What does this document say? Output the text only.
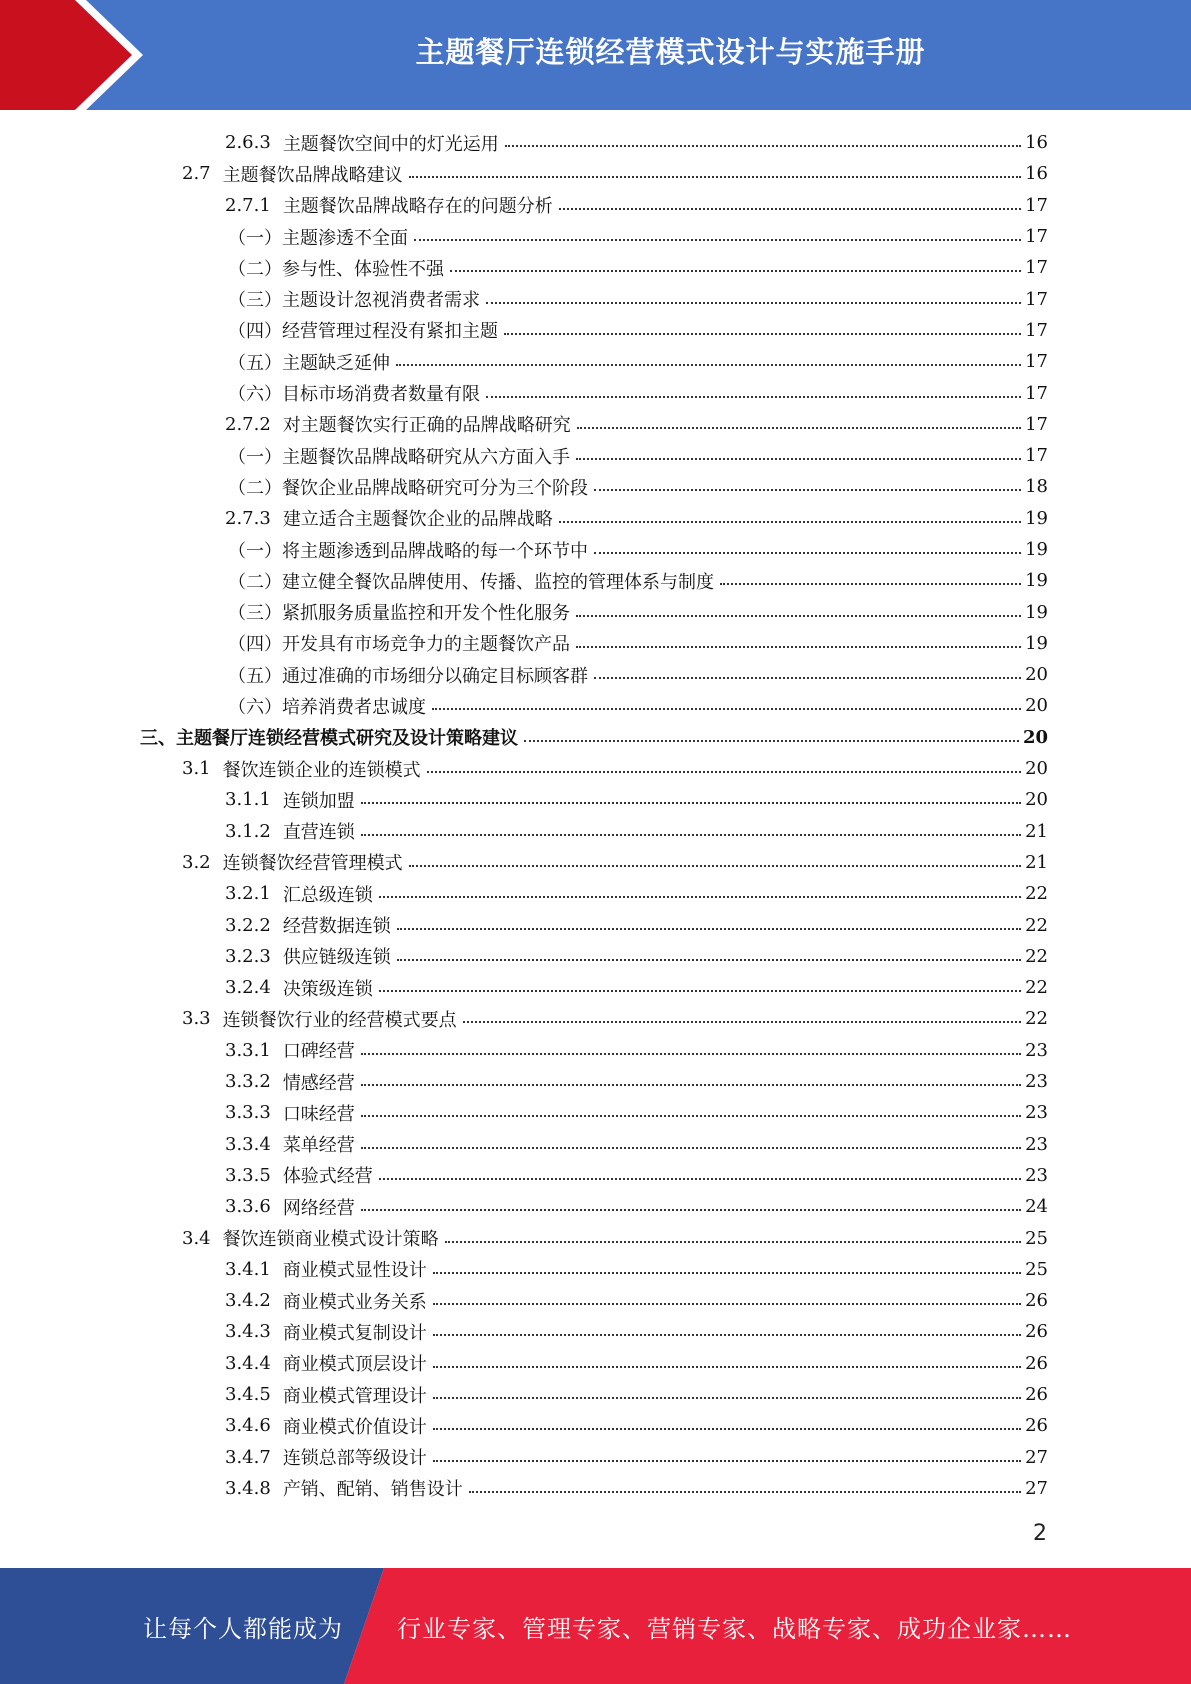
主题餐厅连锁经营模式设计与实施手册
2.6.3 主题餐饮空间中的灯光运用	16
2.7 主题餐饮品牌战略建议	16
2.7.1 主题餐饮品牌战略存在的问题分析	17
（一）主题渗透不全面	17
（二）参与性、体验性不强	17
（三）主题设计忽视消费者需求	17
（四）经营管理过程没有紧扣主题	17
（五）主题缺乏延伸	17
（六）目标市场消费者数量有限	17
2.7.2 对主题餐饮实行正确的品牌战略研究	17
（一）主题餐饮品牌战略研究从六方面入手	17
（二）餐饮企业品牌战略研究可分为三个阶段	18
2.7.3 建立适合主题餐饮企业的品牌战略	19
（一）将主题渗透到品牌战略的每一个环节中	19
（二）建立健全餐饮品牌使用、传播、监控的管理体系与制度	19
（三）紧抓服务质量监控和开发个性化服务	19
（四）开发具有市场竞争力的主题餐饮产品	19
（五）通过准确的市场细分以确定目标顾客群	20
（六）培养消费者忠诚度	20
三、 主题餐厅连锁经营模式研究及设计策略建议	20
3.1 餐饮连锁企业的连锁模式	20
3.1.1 连锁加盟	20
3.1.2 直营连锁	21
3.2 连锁餐饮经营管理模式	21
3.2.1 汇总级连锁	22
3.2.2 经营数据连锁	22
3.2.3 供应链级连锁	22
3.2.4 决策级连锁	22
3.3 连锁餐饮行业的经营模式要点	22
3.3.1 口碑经营	23
3.3.2 情感经营	23
3.3.3 口味经营	23
3.3.4 菜单经营	23
3.3.5 体验式经营	23
3.3.6 网络经营	24
3.4 餐饮连锁商业模式设计策略	25
3.4.1 商业模式显性设计	25
3.4.2 商业模式业务关系	26
3.4.3 商业模式复制设计	26
3.4.4 商业模式顶层设计	26
3.4.5 商业模式管理设计	26
3.4.6 商业模式价值设计	26
3.4.7 连锁总部等级设计	27
3.4.8 产销、配销、销售设计	27
2
让每个人都能成为 行业专家、管理专家、营销专家、战略专家、成功企业家……
